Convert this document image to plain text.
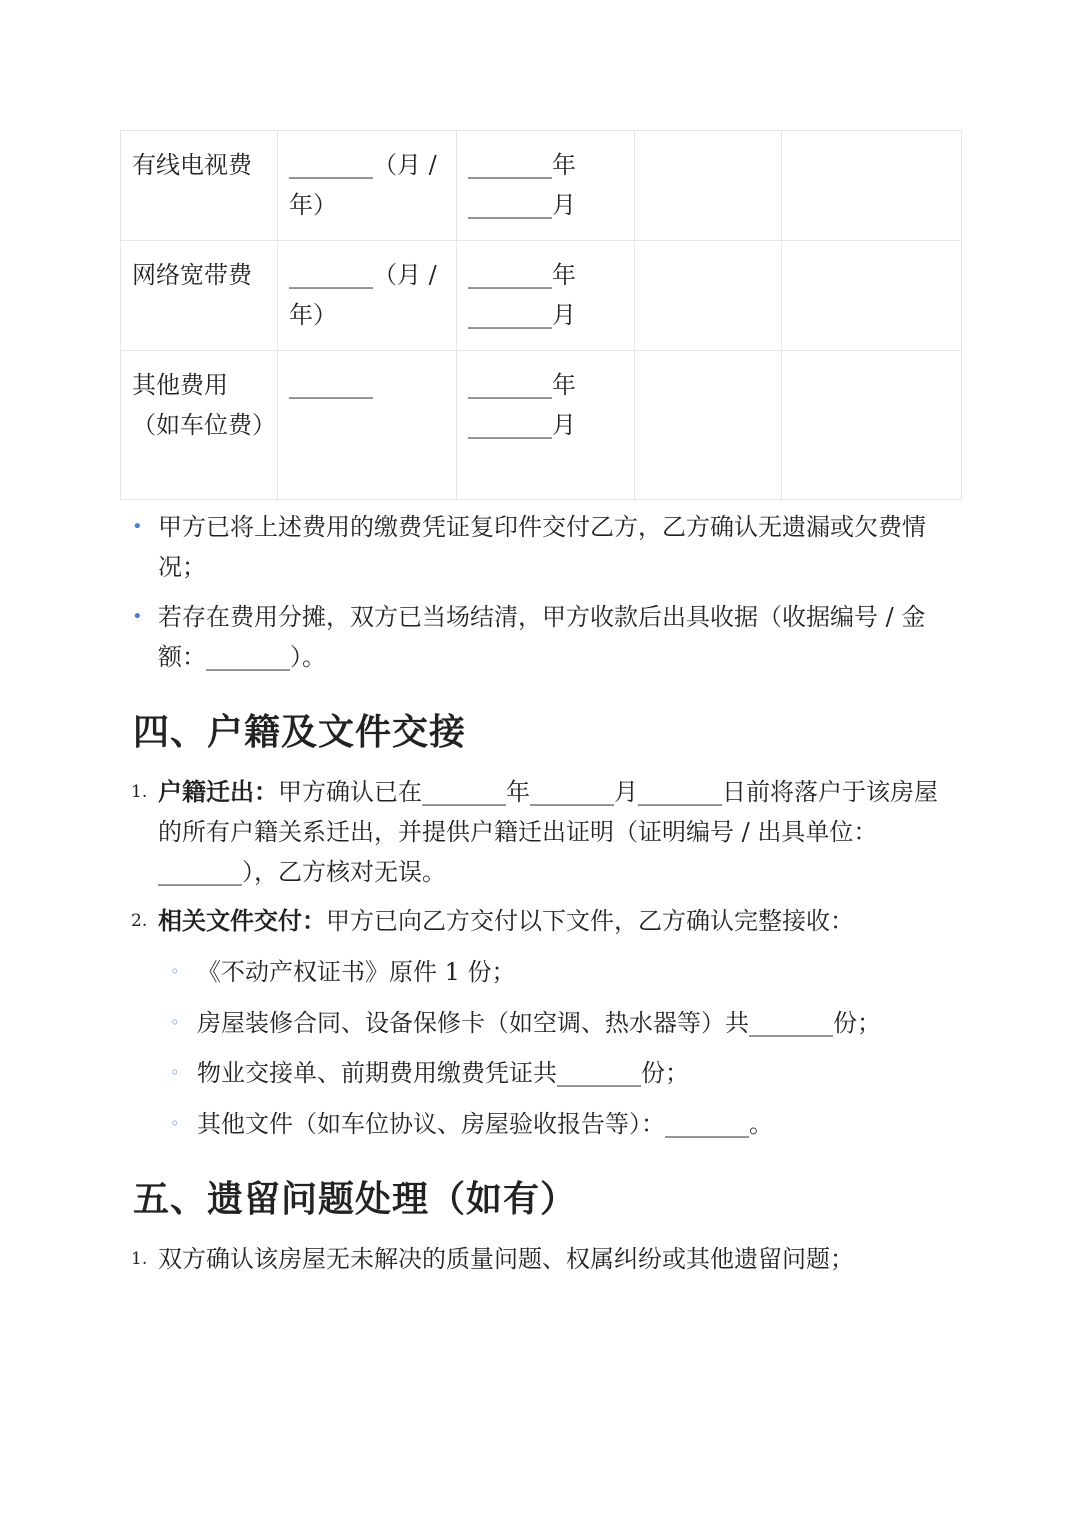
有线电视费	_______（月 / 年）	_______年
_______月		

网络宽带费	_______（月 / 年）	_______年
_______月		

其他费用（如车位费）	_______	_______年
_______月		

• 甲方已将上述费用的缴费凭证复印件交付乙方，乙方确认无遗漏或欠费情况；
• 若存在费用分摊，双方已当场结清，甲方收款后出具收据（收据编号 / 金额：_______）。
四、户籍及文件交接
1. 户籍迁出：甲方确认已在_______年_______月_______日前将落户于该房屋的所有户籍关系迁出，并提供户籍迁出证明（证明编号 / 出具单位：_______），乙方核对无误。
2. 相关文件交付：甲方已向乙方交付以下文件，乙方确认完整接收：
◦ 《不动产权证书》原件 1 份；
◦ 房屋装修合同、设备保修卡（如空调、热水器等）共_______份；
◦ 物业交接单、前期费用缴费凭证共_______份；
◦ 其他文件（如车位协议、房屋验收报告等）：_______。
五、遗留问题处理（如有）
1. 双方确认该房屋无未解决的质量问题、权属纠纷或其他遗留问题；
